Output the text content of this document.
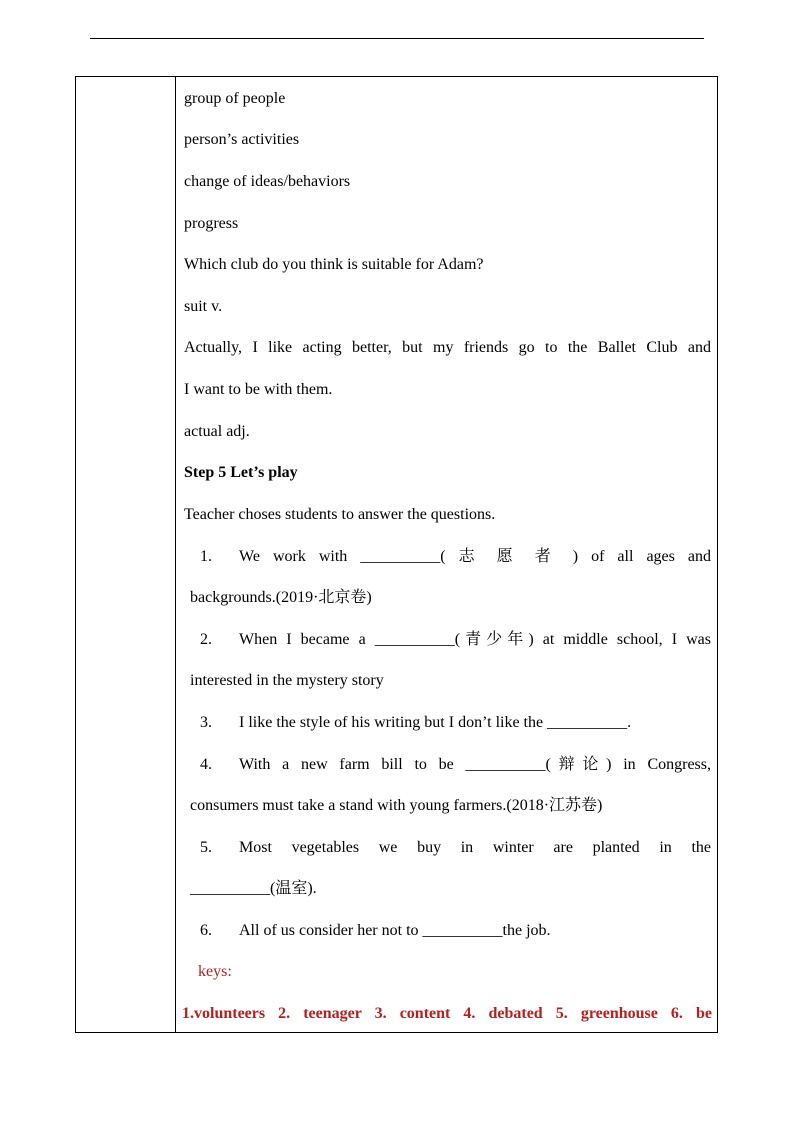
group of people
person’s activities
change of ideas/behaviors
progress
Which club do you think is suitable for Adam?
suit v.
Actually, I like acting better, but my friends go to the Ballet Club and
I want to be with them.
actual adj.
Step 5 Let’s play
Teacher choses students to answer the questions.
1. We work with __________( 志 愿 者 ) of all ages and
backgrounds.(2019·北京卷)
2. When I became a __________(青少年) at middle school, I was
interested in the mystery story
3. I like the style of his writing but I don’t like the __________.
4. With a new farm bill to be __________(辩论) in Congress,
consumers must take a stand with young farmers.(2018·江苏卷)
5. Most vegetables we buy in winter are planted in the
__________(温室).
6. All of us consider her not to __________the job.
keys:
1.volunteers 2. teenager 3. content 4. debated 5. greenhouse 6. be
